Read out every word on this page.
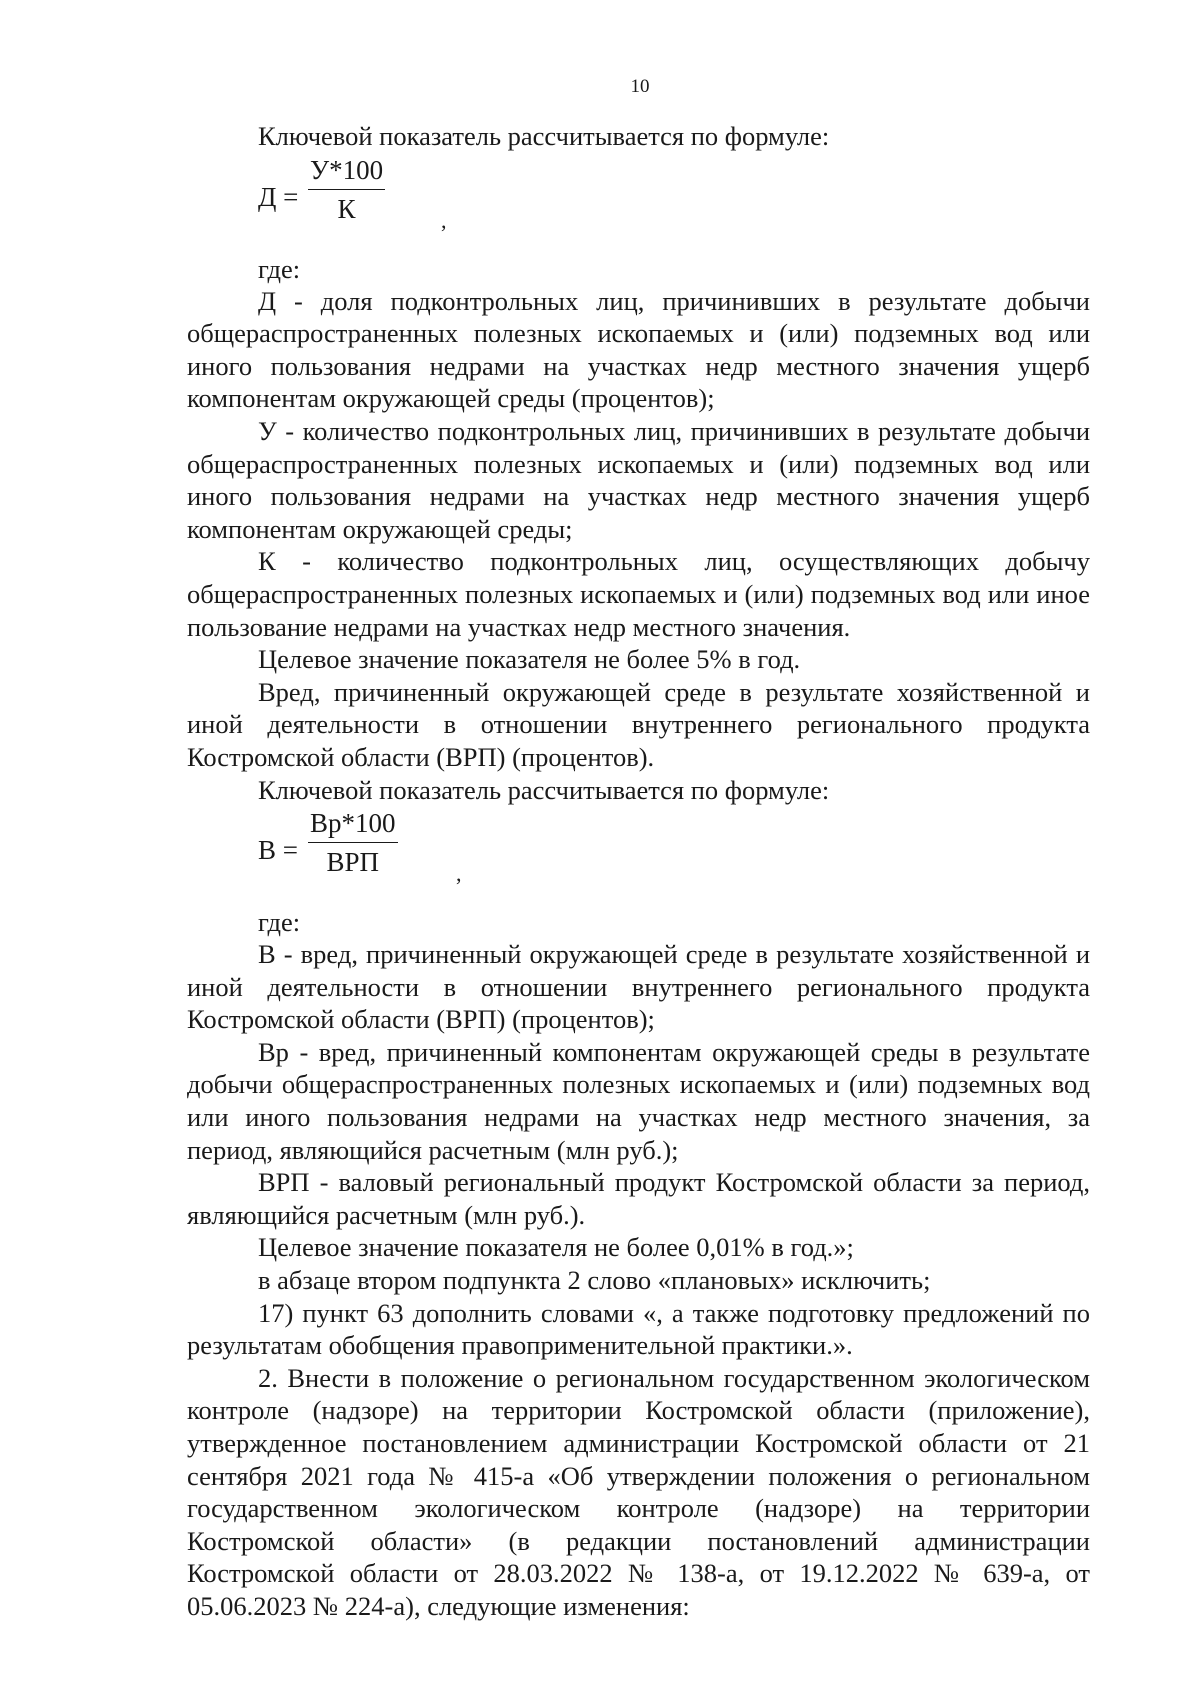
10

Ключевой показатель рассчитывается по формуле:

Д =
У*100
К	,

где:

Д - доля подконтрольных лиц, причинивших в результате добычи общераспространенных полезных ископаемых и (или) подземных вод или иного пользования недрами на участках недр местного значения ущерб компонентам окружающей среды (процентов);

У - количество подконтрольных лиц, причинивших в результате добычи общераспространенных полезных ископаемых и (или) подземных вод или иного пользования недрами на участках недр местного значения ущерб компонентам окружающей среды;

К - количество подконтрольных лиц, осуществляющих добычу общераспространенных полезных ископаемых и (или) подземных вод или иное пользование недрами на участках недр местного значения.

Целевое значение показателя не более 5% в год.

Вред, причиненный окружающей среде в результате хозяйственной и иной деятельности в отношении внутреннего регионального продукта Костромской области (ВРП) (процентов).

Ключевой показатель рассчитывается по формуле:

В =
Вр*100
ВРП	,

где:

В - вред, причиненный окружающей среде в результате хозяйственной и иной деятельности в отношении внутреннего регионального продукта Костромской области (ВРП) (процентов);

Вр - вред, причиненный компонентам окружающей среды в результате добычи общераспространенных полезных ископаемых и (или) подземных вод или иного пользования недрами на участках недр местного значения, за период, являющийся расчетным (млн руб.);

ВРП - валовый региональный продукт Костромской области за период, являющийся расчетным (млн руб.).

Целевое значение показателя не более 0,01% в год.»;

в абзаце втором подпункта 2 слово «плановых» исключить;

17) пункт 63 дополнить словами «, а также подготовку предложений по результатам обобщения правоприменительной практики.».

2. Внести в положение о региональном государственном экологическом контроле (надзоре) на территории Костромской области (приложение), утвержденное постановлением администрации Костромской области от 21 сентября 2021 года № 415-а «Об утверждении положения о региональном государственном экологическом контроле (надзоре) на территории Костромской области» (в редакции постановлений администрации Костромской области от 28.03.2022 № 138-а, от 19.12.2022 № 639-а, от 05.06.2023 № 224-а), следующие изменения:
